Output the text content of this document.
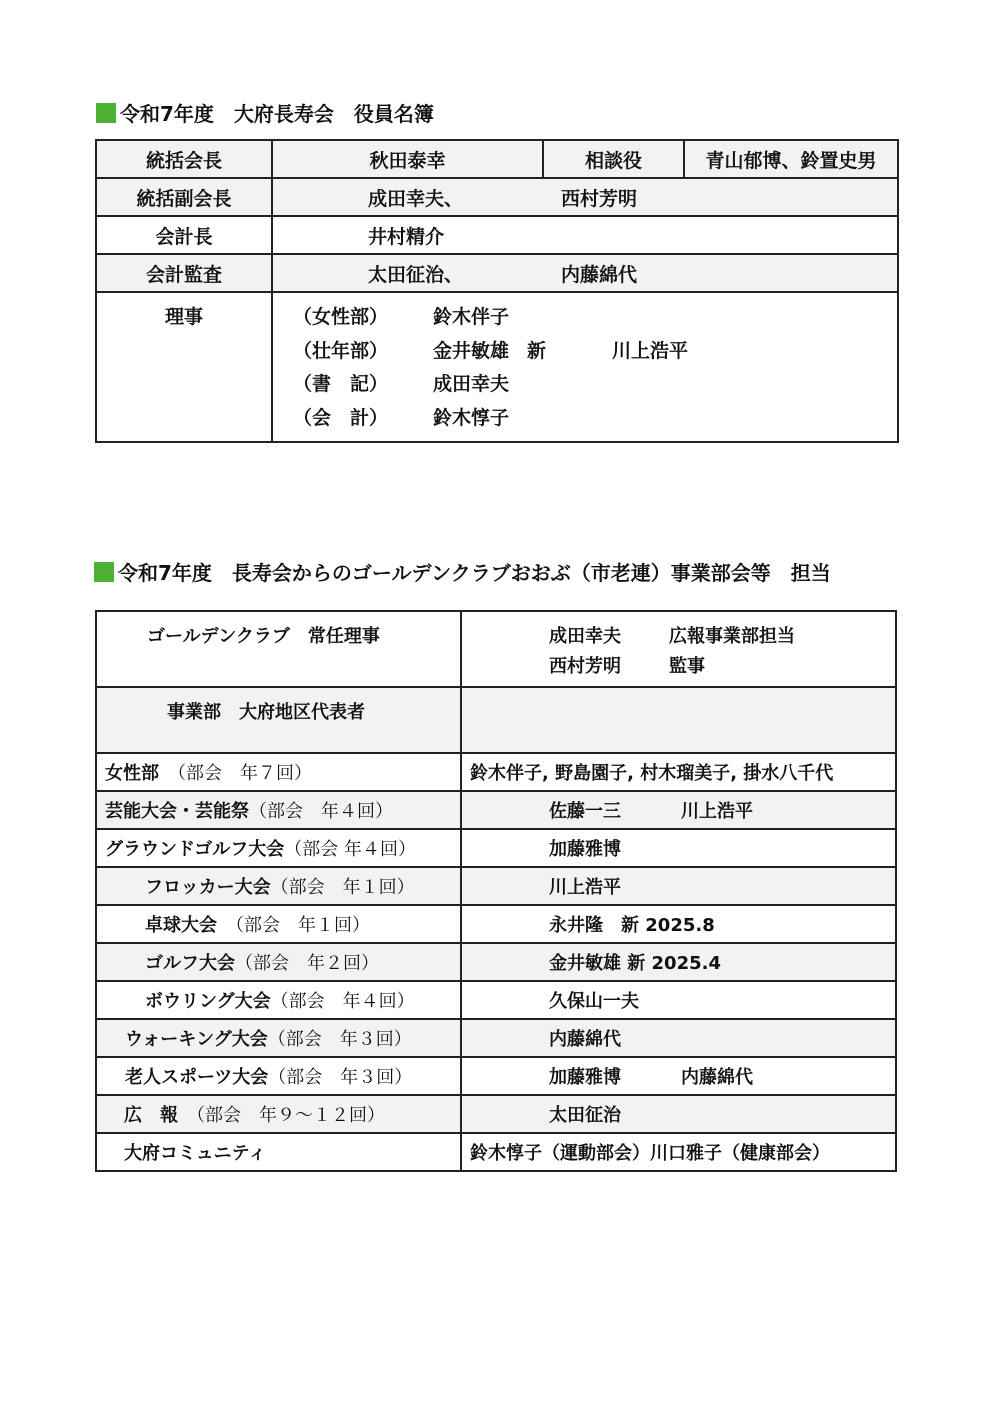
令和7年度　大府長寿会　役員名簿
統括会長	秋田泰幸	相談役	青山郁博、鈴置史男
統括副会長	成田幸夫、 西村芳明		
会計長	井村精介		
会計監査	太田征治、 内藤綿代		
理事	（女性部） 鈴木伴子
（壮年部） 金井敏雄 新 川上浩平
（書　記） 成田幸夫
（会　計） 鈴木惇子		
令和7年度　長寿会からのゴールデンクラブおおぶ（市老連）事業部会等　担当
ゴールデンクラブ　常任理事	成田幸夫 広報事業部担当
西村芳明 監事

事業部　大府地区代表者	
女性部　 （部会　年７回）	鈴木伴子, 野島園子, 村木瑠美子, 掛水八千代
芸能大会・芸能祭（部会　年４回）	佐藤一三 川上浩平
グラウンドゴルフ大会（部会 年４回）	加藤雅博
フロッカー大会（部会　年１回）	川上浩平
卓球大会　 （部会　年１回）	永井隆　新 2025.8
ゴルフ大会（部会　年２回）	金井敏雄 新 2025.4
ボウリング大会（部会　年４回）	久保山一夫
ウォーキング大会（部会　年３回）	内藤綿代
老人スポーツ大会（部会　年３回）	加藤雅博 内藤綿代
広　報　 （部会　年９〜１２回）	太田征治
大府コミュニティ	鈴木惇子（運動部会）川口雅子（健康部会）
